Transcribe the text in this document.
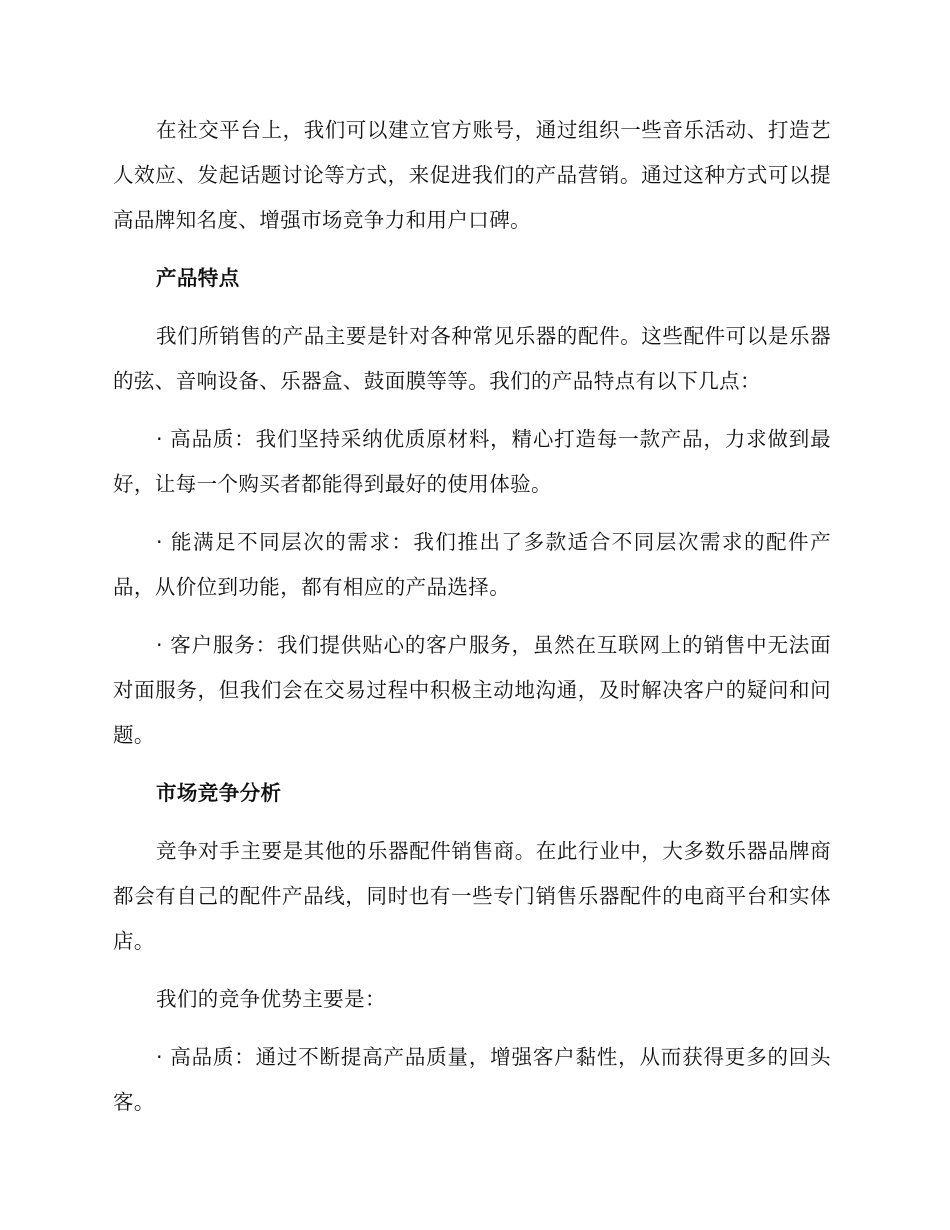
在社交平台上，我们可以建立官方账号，通过组织一些音乐活动、打造艺人效应、发起话题讨论等方式，来促进我们的产品营销。通过这种方式可以提高品牌知名度、增强市场竞争力和用户口碑。

产品特点

我们所销售的产品主要是针对各种常见乐器的配件。这些配件可以是乐器的弦、音响设备、乐器盒、鼓面膜等等。我们的产品特点有以下几点：

· 高品质：我们坚持采纳优质原材料，精心打造每一款产品，力求做到最好，让每一个购买者都能得到最好的使用体验。

· 能满足不同层次的需求：我们推出了多款适合不同层次需求的配件产品，从价位到功能，都有相应的产品选择。

· 客户服务：我们提供贴心的客户服务，虽然在互联网上的销售中无法面对面服务，但我们会在交易过程中积极主动地沟通，及时解决客户的疑问和问题。

市场竞争分析

竞争对手主要是其他的乐器配件销售商。在此行业中，大多数乐器品牌商都会有自己的配件产品线，同时也有一些专门销售乐器配件的电商平台和实体店。

我们的竞争优势主要是：

· 高品质：通过不断提高产品质量，增强客户黏性，从而获得更多的回头客。
